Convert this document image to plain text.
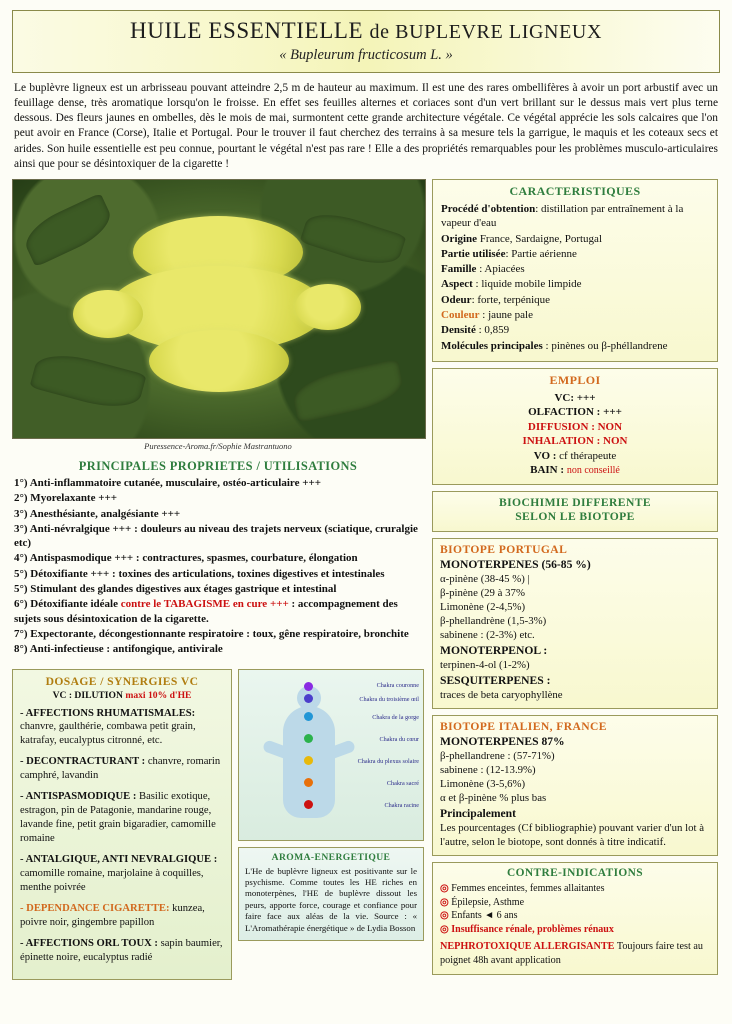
HUILE ESSENTIELLE de BUPLEVRE LIGNEUX
« Bupleurum fructicosum L. »
Le buplèvre ligneux est un arbrisseau pouvant atteindre 2,5 m de hauteur au maximum. Il est une des rares ombellifères à avoir un port arbustif avec un feuillage dense, très aromatique lorsqu'on le froisse. En effet ses feuilles alternes et coriaces sont d'un vert brillant sur le dessus mais vert plus terne dessous. Des fleurs jaunes en ombelles, dès le mois de mai, surmontent cette grande architecture végétale. Ce végétal apprécie les sols calcaires que l'on peut avoir en France (Corse), Italie et Portugal. Pour le trouver il faut cherchez des terrains à sa mesure tels la garrigue, le maquis et les coteaux secs et arides. Son huile essentielle est peu connue, pourtant le végétal n'est pas rare ! Elle a des propriétés remarquables pour les problèmes musculo-articulaires ainsi que pour se désintoxiquer de la cigarette !
Puressence-Aroma.fr/Sophie Mastrantuono
PRINCIPALES PROPRIETES / UTILISATIONS
1°) Anti-inflammatoire cutanée, musculaire, ostéo-articulaire +++
2°) Myorelaxante +++
3°) Anesthésiante, analgésiante +++
3°) Anti-névralgique +++ : douleurs au niveau des trajets nerveux (sciatique, cruralgie etc)
4°) Antispasmodique +++ : contractures, spasmes, courbature, élongation
5°) Détoxifiante +++ : toxines des articulations, toxines digestives et intestinales
5°) Stimulant des glandes digestives aux étages gastrique et intestinal
6°) Détoxifiante idéale contre le TABAGISME en cure +++ : accompagnement des sujets sous désintoxication de la cigarette.
7°) Expectorante, décongestionnante respiratoire : toux, gêne respiratoire, bronchite
8°) Anti-infectieuse : antifongique, antivirale
DOSAGE / SYNERGIES VC
VC : DILUTION maxi 10% d'HE

- AFFECTIONS RHUMATISMALES: chanvre, gaulthérie, combawa petit grain, katrafay, eucalyptus citronné, etc.

- DECONTRACTURANT : chanvre, romarin camphré, lavandin

- ANTISPASMODIQUE : Basilic exotique, estragon, pin de Patagonie, mandarine rouge, lavande fine, petit grain bigaradier, camomille romaine

- ANTALGIQUE, ANTI NEVRALGIQUE : camomille romaine, marjolaine à coquilles, menthe poivrée

- DEPENDANCE CIGARETTE: kunzea, poivre noir, gingembre papillon

- AFFECTIONS ORL TOUX : sapin baumier, épinette noire, eucalyptus radié

Chakra couronne
Chakra du troisième œil
Chakra de la gorge
Chakra du cœur
Chakra du plexus solaire
Chakra sacré
Chakra racine
AROMA-ENERGETIQUE

L'He de buplèvre ligneux est positivante sur le psychisme. Comme toutes les HE riches en monoterpènes, l'HE de buplèvre dissout les peurs, apporte force, courage et confiance pour faire face aux aléas de la vie. Source : « L'Aromathérapie énergétique » de Lydia Bosson

CARACTERISTIQUES

Procédé d'obtention: distillation par entraînement à la vapeur d'eau

Origine France, Sardaigne, Portugal

Partie utilisée: Partie aérienne

Famille : Apiacées

Aspect : liquide mobile limpide

Odeur: forte, terpénique

Couleur : jaune pale

Densité : 0,859

Molécules principales : pinènes ou β-phéllandrene

EMPLOI

VC: +++

OLFACTION : +++

DIFFUSION : NON

INHALATION : NON

VO : cf thérapeute

BAIN : non conseillé

BIOCHIMIE DIFFERENTE
SELON LE BIOTOPE
BIOTOPE PORTUGAL
MONOTERPENES (56-85 %)

α-pinène (38-45 %) |

β-pinène (29 à 37%

Limonène (2-4,5%)

β-phellandrène (1,5-3%)

sabinene : (2-3%) etc.

MONOTERPENOL :

terpinen-4-ol (1-2%)

SESQUITERPENES :

traces de beta caryophyllène

BIOTOPE ITALIEN, FRANCE
MONOTERPENES 87%

β-phellandrene : (57-71%)

sabinene : (12-13.9%)

Limonène (3-5,6%)

α et β-pinène % plus bas

Principalement

Les pourcentages (Cf bibliographie) pouvant varier d'un lot à l'autre, selon le biotope, sont donnés à titre indicatif.

CONTRE-INDICATIONS

◎ Femmes enceintes, femmes allaitantes

◎ Épilepsie, Asthme

◎ Enfants ◄ 6 ans

◎ Insuffisance rénale, problèmes rénaux

NEPHROTOXIQUE ALLERGISANTE Toujours faire test au poignet 48h avant application
